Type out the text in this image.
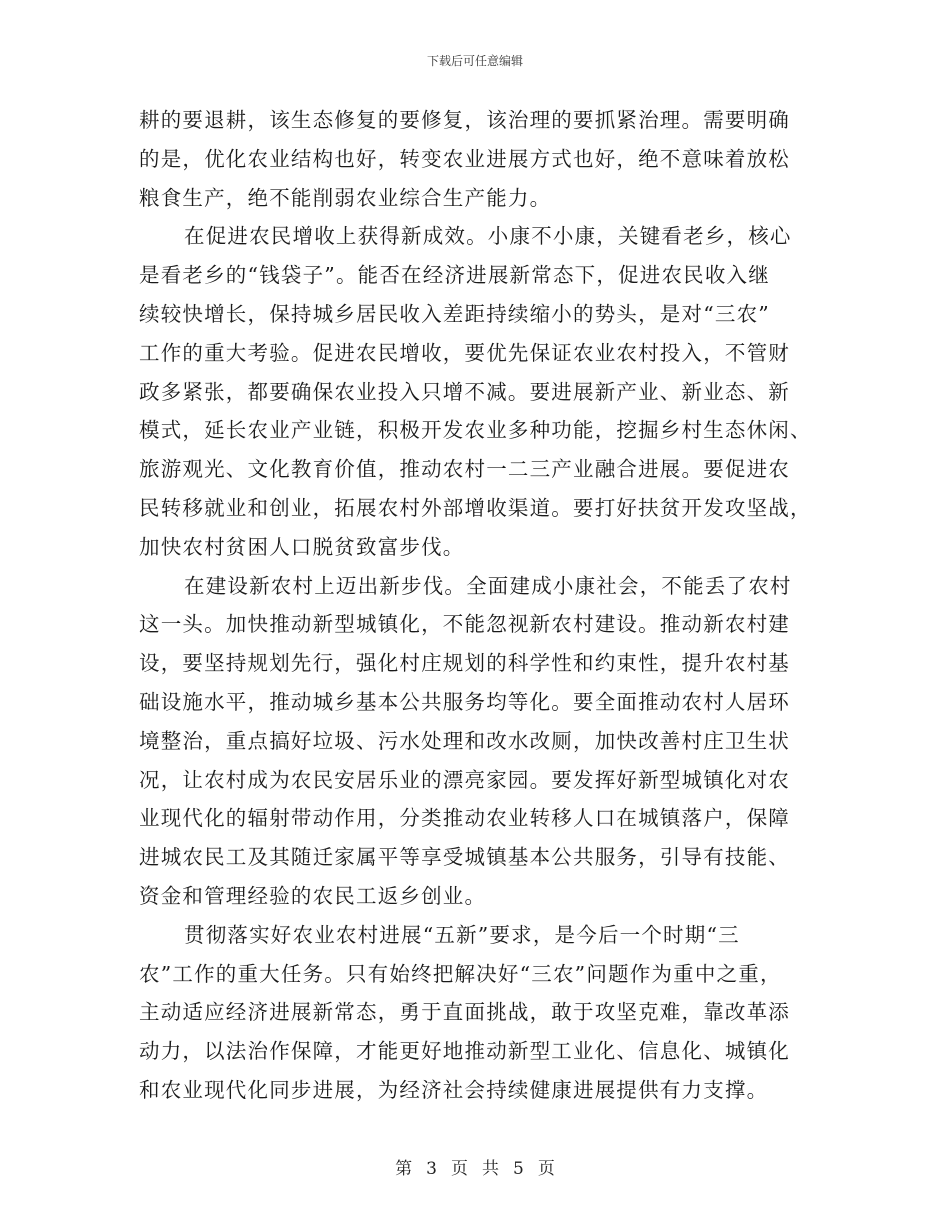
下载后可任意编辑
耕的要退耕，该生态修复的要修复，该治理的要抓紧治理。需要明确
的是，优化农业结构也好，转变农业进展方式也好，绝不意味着放松
粮食生产，绝不能削弱农业综合生产能力。
在促进农民增收上获得新成效。小康不小康，关键看老乡，核心
是看老乡的“钱袋子”。能否在经济进展新常态下，促进农民收入继
续较快增长，保持城乡居民收入差距持续缩小的势头，是对“三农”
工作的重大考验。促进农民增收，要优先保证农业农村投入，不管财
政多紧张，都要确保农业投入只增不减。要进展新产业、新业态、新
模式，延长农业产业链，积极开发农业多种功能，挖掘乡村生态休闲、
旅游观光、文化教育价值，推动农村一二三产业融合进展。要促进农
民转移就业和创业，拓展农村外部增收渠道。要打好扶贫开发攻坚战，
加快农村贫困人口脱贫致富步伐。
在建设新农村上迈出新步伐。全面建成小康社会，不能丢了农村
这一头。加快推动新型城镇化，不能忽视新农村建设。推动新农村建
设，要坚持规划先行，强化村庄规划的科学性和约束性，提升农村基
础设施水平，推动城乡基本公共服务均等化。要全面推动农村人居环
境整治，重点搞好垃圾、污水处理和改水改厕，加快改善村庄卫生状
况，让农村成为农民安居乐业的漂亮家园。要发挥好新型城镇化对农
业现代化的辐射带动作用，分类推动农业转移人口在城镇落户，保障
进城农民工及其随迁家属平等享受城镇基本公共服务，引导有技能、
资金和管理经验的农民工返乡创业。
贯彻落实好农业农村进展“五新”要求，是今后一个时期“三
农”工作的重大任务。只有始终把解决好“三农”问题作为重中之重，
主动适应经济进展新常态，勇于直面挑战，敢于攻坚克难，靠改革添
动力，以法治作保障，才能更好地推动新型工业化、信息化、城镇化
和农业现代化同步进展，为经济社会持续健康进展提供有力支撑。
第 3 页 共 5 页
